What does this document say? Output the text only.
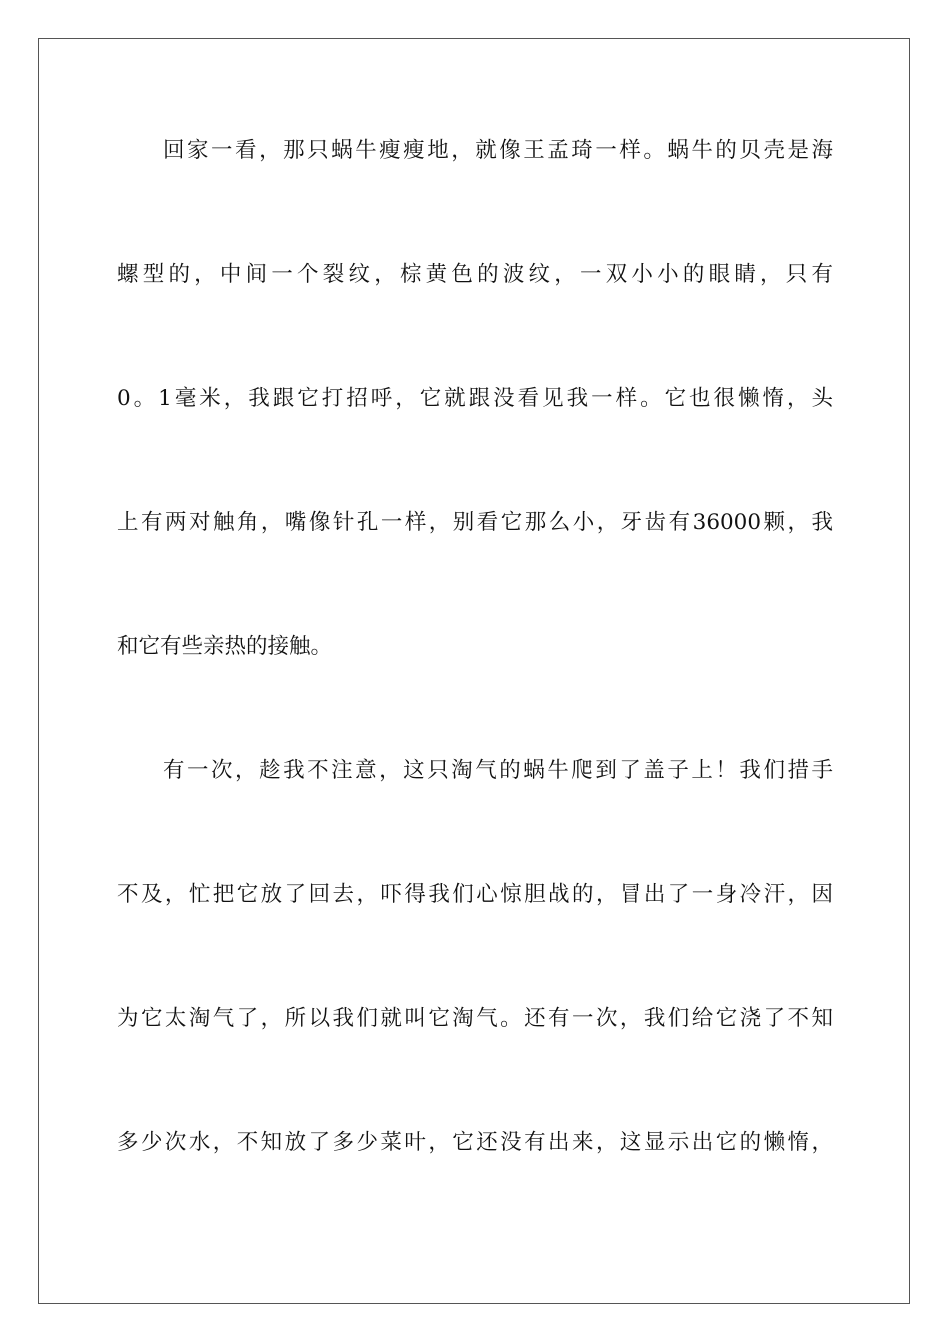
回家一看，那只蜗牛瘦瘦地，就像王孟琦一样。蜗牛的贝壳是海
螺型的，中间一个裂纹，棕黄色的波纹，一双小小的眼睛，只有
0。1毫米，我跟它打招呼，它就跟没看见我一样。它也很懒惰，头
上有两对触角，嘴像针孔一样，别看它那么小，牙齿有36000颗，我
和它有些亲热的接触。
有一次，趁我不注意，这只淘气的蜗牛爬到了盖子上！我们措手
不及，忙把它放了回去，吓得我们心惊胆战的，冒出了一身冷汗，因
为它太淘气了，所以我们就叫它淘气。还有一次，我们给它浇了不知
多少次水，不知放了多少菜叶，它还没有出来，这显示出它的懒惰，
